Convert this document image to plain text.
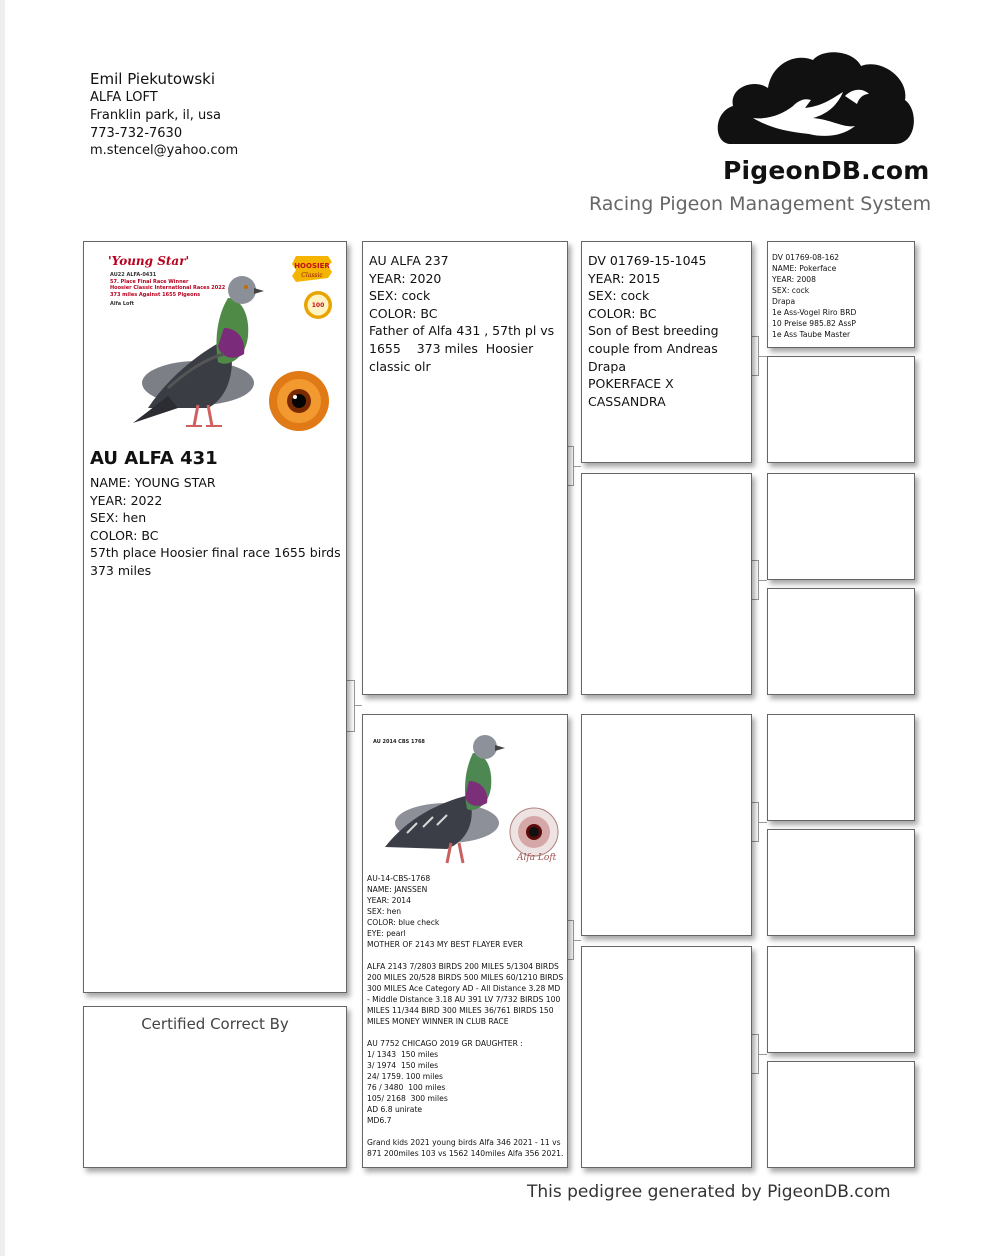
Emil Piekutowski
ALFA LOFT
Franklin park, il, usa
773-732-7630
m.stencel@yahoo.com
PigeonDB.com
Racing Pigeon Management System
'Young Star'
AU22 ALFA-0431
57. Place Final Race Winner
Hoosier Classic International Races 2022
373 miles Against 1655 Pigeons
Alfa Loft
HOOSIER
Classic
100
AU ALFA 431
NAME: YOUNG STAR
YEAR: 2022
SEX: hen
COLOR: BC
57th place Hoosier final race 1655 birds 373 miles
Certified Correct By
AU ALFA 237
YEAR: 2020
SEX: cock
COLOR: BC
Father of Alfa 431 , 57th pl vs 1655    373 miles  Hoosier classic olr
AU 2014 CBS 1768
Alfa Loft
AU-14-CBS-1768
NAME: JANSSEN
YEAR: 2014
SEX: hen
COLOR: blue check
EYE: pearl
MOTHER OF 2143 MY BEST FLAYER EVER
ALFA 2143 7/2803 BIRDS 200 MILES 5/1304 BIRDS 200 MILES 20/528 BIRDS 500 MILES 60/1210 BIRDS 300 MILES Ace Category AD - All Distance 3.28 MD - Middle Distance 3.18 AU 391 LV 7/732 BIRDS 100 MILES 11/344 BIRD 300 MILES 36/761 BIRDS 150 MILES MONEY WINNER IN CLUB RACE
AU 7752 CHICAGO 2019 GR DAUGHTER :
1/ 1343  150 miles
3/ 1974  150 miles
24/ 1759. 100 miles
76 / 3480  100 miles
105/ 2168  300 miles
AD 6.8 unirate
MD6.7
Grand kids 2021 young birds Alfa 346 2021 - 11 vs 871 200miles 103 vs 1562 140miles Alfa 356 2021.
DV 01769-15-1045
YEAR: 2015
SEX: cock
COLOR: BC
Son of Best breeding couple from Andreas Drapa
POKERFACE X CASSANDRA
DV 01769-08-162
NAME: Pokerface
YEAR: 2008
SEX: cock
Drapa
1e Ass-Vogel Riro BRD
10 Preise 985.82 AssP
1e Ass Taube Master
This pedigree generated by PigeonDB.com
